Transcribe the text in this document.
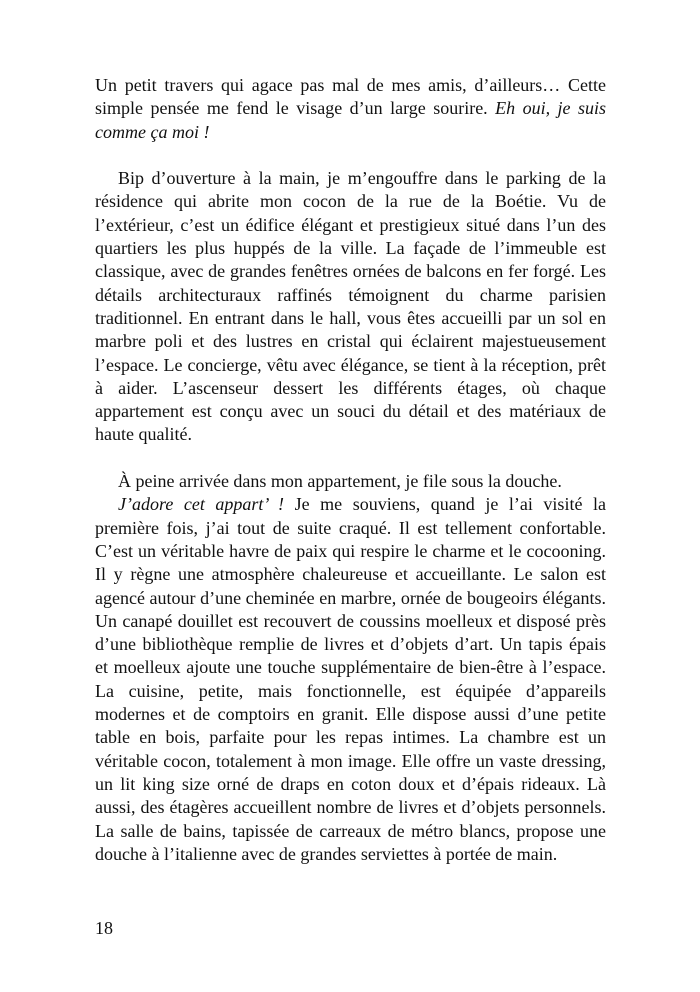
Un petit travers qui agace pas mal de mes amis, d’ailleurs… Cette
simple pensée me fend le visage d’un large sourire. Eh oui, je suis
comme ça moi !
Bip d’ouverture à la main, je m’engouffre dans le parking de la
résidence qui abrite mon cocon de la rue de la Boétie. Vu de
l’extérieur, c’est un édifice élégant et prestigieux situé dans l’un des
quartiers les plus huppés de la ville. La façade de l’immeuble est
classique, avec de grandes fenêtres ornées de balcons en fer forgé. Les
détails architecturaux raffinés témoignent du charme parisien
traditionnel. En entrant dans le hall, vous êtes accueilli par un sol en
marbre poli et des lustres en cristal qui éclairent majestueusement
l’espace. Le concierge, vêtu avec élégance, se tient à la réception, prêt
à aider. L’ascenseur dessert les différents étages, où chaque
appartement est conçu avec un souci du détail et des matériaux de
haute qualité.
À peine arrivée dans mon appartement, je file sous la douche.
J’adore cet appart’ ! Je me souviens, quand je l’ai visité la
première fois, j’ai tout de suite craqué. Il est tellement confortable.
C’est un véritable havre de paix qui respire le charme et le cocooning.
Il y règne une atmosphère chaleureuse et accueillante. Le salon est
agencé autour d’une cheminée en marbre, ornée de bougeoirs élégants.
Un canapé douillet est recouvert de coussins moelleux et disposé près
d’une bibliothèque remplie de livres et d’objets d’art. Un tapis épais
et moelleux ajoute une touche supplémentaire de bien-être à l’espace.
La cuisine, petite, mais fonctionnelle, est équipée d’appareils
modernes et de comptoirs en granit. Elle dispose aussi d’une petite
table en bois, parfaite pour les repas intimes. La chambre est un
véritable cocon, totalement à mon image. Elle offre un vaste dressing,
un lit king size orné de draps en coton doux et d’épais rideaux. Là
aussi, des étagères accueillent nombre de livres et d’objets personnels.
La salle de bains, tapissée de carreaux de métro blancs, propose une
douche à l’italienne avec de grandes serviettes à portée de main.
18
